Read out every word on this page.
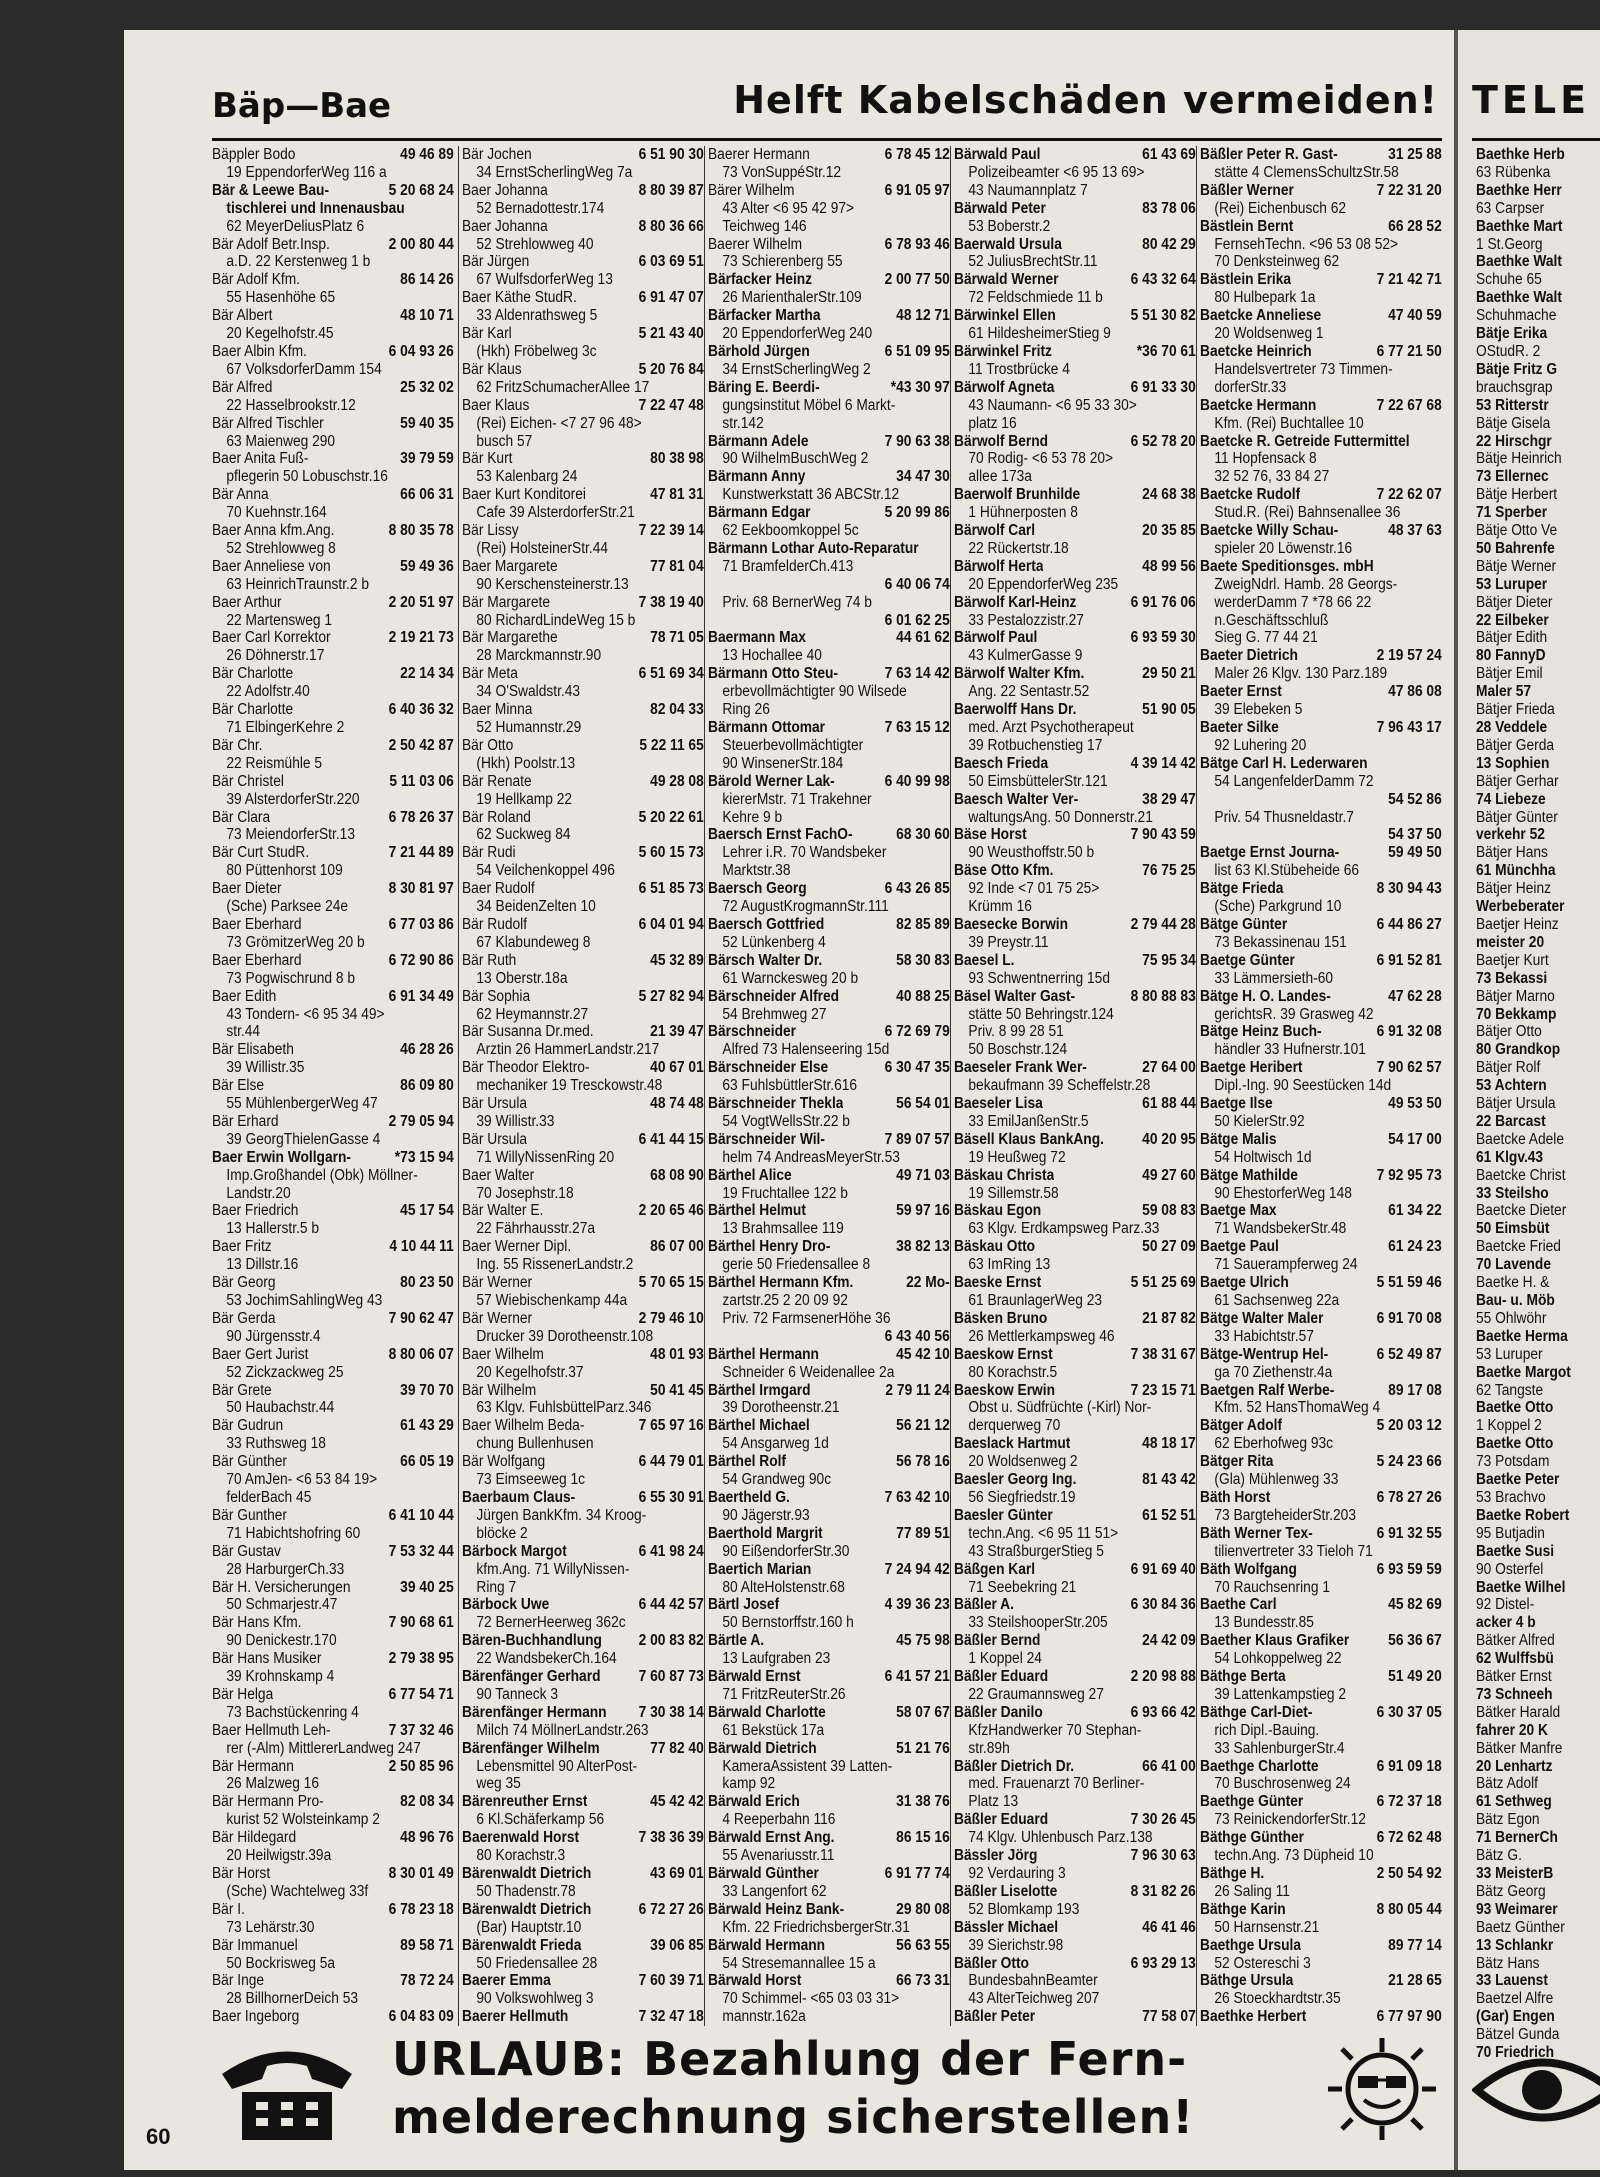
Bäp—Bae	Helft Kabelschäden vermeiden!
Bäppler Bodo	49 46 89
19 EppendorferWeg 116 a
Bär & Leewe Bau-	5 20 68 24
tischlerei und Innenausbau
62 MeyerDeliusPlatz 6
Bär Adolf Betr.Insp.	2 00 80 44
a.D. 22 Kerstenweg 1 b
Bär Adolf Kfm.	86 14 26
55 Hasenhöhe 65
Bär Albert	48 10 71
20 Kegelhofstr.45
Baer Albin Kfm.	6 04 93 26
67 VolksdorferDamm 154
Bär Alfred	25 32 02
22 Hasselbrookstr.12
Bär Alfred Tischler	59 40 35
63 Maienweg 290
Baer Anita Fuß-	39 79 59
pflegerin 50 Lobuschstr.16
Bär Anna	66 06 31
70 Kuehnstr.164
Baer Anna kfm.Ang.	8 80 35 78
52 Strehlowweg 8
Baer Anneliese von	59 49 36
63 HeinrichTraunstr.2 b
Baer Arthur	2 20 51 97
22 Martensweg 1
Baer Carl Korrektor	2 19 21 73
26 Döhnerstr.17
Bär Charlotte	22 14 34
22 Adolfstr.40
Bär Charlotte	6 40 36 32
71 ElbingerKehre 2
Bär Chr.	2 50 42 87
22 Reismühle 5
Bär Christel	5 11 03 06
39 AlsterdorferStr.220
Bär Clara	6 78 26 37
73 MeiendorferStr.13
Bär Curt StudR.	7 21 44 89
80 Püttenhorst 109
Baer Dieter	8 30 81 97
(Sche) Parksee 24e
Baer Eberhard	6 77 03 86
73 GrömitzerWeg 20 b
Baer Eberhard	6 72 90 86
73 Pogwischrund 8 b
Baer Edith	6 91 34 49
43 Tondern- <6 95 34 49>
str.44
Bär Elisabeth	46 28 26
39 Willistr.35
Bär Else	86 09 80
55 MühlenbergerWeg 47
Bär Erhard	2 79 05 94
39 GeorgThielenGasse 4
Baer Erwin Wollgarn-	*73 15 94
Imp.Großhandel (Obk) Möllner-
Landstr.20
Baer Friedrich	45 17 54
13 Hallerstr.5 b
Baer Fritz	4 10 44 11
13 Dillstr.16
Bär Georg	80 23 50
53 JochimSahlingWeg 43
Bär Gerda	7 90 62 47
90 Jürgensstr.4
Baer Gert Jurist	8 80 06 07
52 Zickzackweg 25
Bär Grete	39 70 70
50 Haubachstr.44
Bär Gudrun	61 43 29
33 Ruthsweg 18
Bär Günther	66 05 19
70 AmJen- <6 53 84 19>
felderBach 45
Bär Gunther	6 41 10 44
71 Habichtshofring 60
Bär Gustav	7 53 32 44
28 HarburgerCh.33
Bär H. Versicherungen	39 40 25
50 Schmarjestr.47
Bär Hans Kfm.	7 90 68 61
90 Denickestr.170
Bär Hans Musiker	2 79 38 95
39 Krohnskamp 4
Bär Helga	6 77 54 71
73 Bachstückenring 4
Baer Hellmuth Leh-	7 37 32 46
rer (-Alm) MittlererLandweg 247
Bär Hermann	2 50 85 96
26 Malzweg 16
Bär Hermann Pro-	82 08 34
kurist 52 Wolsteinkamp 2
Bär Hildegard	48 96 76
20 Heilwigstr.39a
Bär Horst	8 30 01 49
(Sche) Wachtelweg 33f
Bär I.	6 78 23 18
73 Lehärstr.30
Bär Immanuel	89 58 71
50 Bockrisweg 5a
Bär Inge	78 72 24
28 BillhornerDeich 53
Baer Ingeborg	6 04 83 09
Bär Jochen	6 51 90 30
34 ErnstScherlingWeg 7a
Baer Johanna	8 80 39 87
52 Bernadottestr.174
Baer Johanna	8 80 36 66
52 Strehlowweg 40
Bär Jürgen	6 03 69 51
67 WulfsdorferWeg 13
Baer Käthe StudR.	6 91 47 07
33 Aldenrathsweg 5
Bär Karl	5 21 43 40
(Hkh) Fröbelweg 3c
Bär Klaus	5 20 76 84
62 FritzSchumacherAllee 17
Baer Klaus	7 22 47 48
(Rei) Eichen- <7 27 96 48>
busch 57
Bär Kurt	80 38 98
53 Kalenbarg 24
Baer Kurt Konditorei	47 81 31
Cafe 39 AlsterdorferStr.21
Bär Lissy	7 22 39 14
(Rei) HolsteinerStr.44
Baer Margarete	77 81 04
90 Kerschensteinerstr.13
Bär Margarete	7 38 19 40
80 RichardLindeWeg 15 b
Bär Margarethe	78 71 05
28 Marckmannstr.90
Bär Meta	6 51 69 34
34 O'Swaldstr.43
Baer Minna	82 04 33
52 Humannstr.29
Bär Otto	5 22 11 65
(Hkh) Poolstr.13
Bär Renate	49 28 08
19 Hellkamp 22
Bär Roland	5 20 22 61
62 Suckweg 84
Bär Rudi	5 60 15 73
54 Veilchenkoppel 496
Baer Rudolf	6 51 85 73
34 BeidenZelten 10
Bär Rudolf	6 04 01 94
67 Klabundeweg 8
Bär Ruth	45 32 89
13 Oberstr.18a
Bär Sophia	5 27 82 94
62 Heymannstr.27
Bär Susanna Dr.med.	21 39 47
Arztin 26 HammerLandstr.217
Bär Theodor Elektro-	40 67 01
mechaniker 19 Tresckowstr.48
Bär Ursula	48 74 48
39 Willistr.33
Bär Ursula	6 41 44 15
71 WillyNissenRing 20
Baer Walter	68 08 90
70 Josephstr.18
Bär Walter E.	2 20 65 46
22 Fährhausstr.27a
Baer Werner Dipl.	86 07 00
Ing. 55 RissenerLandstr.2
Bär Werner	5 70 65 15
57 Wiebischenkamp 44a
Bär Werner	2 79 46 10
Drucker 39 Dorotheenstr.108
Baer Wilhelm	48 01 93
20 Kegelhofstr.37
Bär Wilhelm	50 41 45
63 Klgv. FuhlsbüttelParz.346
Baer Wilhelm Beda-	7 65 97 16
chung Bullenhusen
Bär Wolfgang	6 44 79 01
73 Eimseeweg 1c
Baerbaum Claus-	6 55 30 91
Jürgen BankKfm. 34 Kroog-
blöcke 2
Bärbock Margot	6 41 98 24
kfm.Ang. 71 WillyNissen-
Ring 7
Bärbock Uwe	6 44 42 57
72 BernerHeerweg 362c
Bären-Buchhandlung 2 00 83 82
22 WandsbekerCh.164
Bärenfänger Gerhard 7 60 87 73
90 Tanneck 3
Bärenfänger Hermann 7 30 38 14
Milch 74 MöllnerLandstr.263
Bärenfänger Wilhelm	77 82 40
Lebensmittel 90 AlterPost-
weg 35
Bärenreuther Ernst	45 42 42
6 Kl.Schäferkamp 56
Baerenwald Horst	7 38 36 39
80 Korachstr.3
Bärenwaldt Dietrich	43 69 01
50 Thadenstr.78
Bärenwaldt Dietrich	6 72 27 26
(Bar) Hauptstr.10
Bärenwaldt Frieda	39 06 85
50 Friedensallee 28
Baerer Emma	7 60 39 71
90 Volkswohlweg 3
Baerer Hellmuth	7 32 47 18
Baerer Hermann	6 78 45 12
73 VonSuppéStr.12
Bärer Wilhelm	6 91 05 97
43 Alter <6 95 42 97>
Teichweg 146
Baerer Wilhelm	6 78 93 46
73 Schierenberg 55
Bärfacker Heinz	2 00 77 50
26 MarienthalerStr.109
Bärfacker Martha	48 12 71
20 EppendorferWeg 240
Bärhold Jürgen	6 51 09 95
34 ErnstScherlingWeg 2
Bäring E. Beerdi-	*43 30 97
gungsinstitut Möbel 6 Markt-
str.142
Bärmann Adele	7 90 63 38
90 WilhelmBuschWeg 2
Bärmann Anny	34 47 30
Kunstwerkstatt 36 ABCStr.12
Bärmann Edgar	5 20 99 86
62 Eekboomkoppel 5c
Bärmann Lothar Auto-Reparatur
71 BramfelderCh.413
6 40 06 74
Priv. 68 BernerWeg 74 b
6 01 62 25
Baermann Max	44 61 62
13 Hochallee 40
Bärmann Otto Steu-	7 63 14 42
erbevollmächtigter 90 Wilsede
Ring 26
Bärmann Ottomar	7 63 15 12
Steuerbevollmächtigter
90 WinsenerStr.184
Bärold Werner Lak-	6 40 99 98
kiererMstr. 71 Trakehner
Kehre 9 b
Baersch Ernst FachO-	68 30 60
Lehrer i.R. 70 Wandsbeker
Marktstr.38
Baersch Georg	6 43 26 85
72 AugustKrogmannStr.111
Baersch Gottfried	82 85 89
52 Lünkenberg 4
Bärsch Walter Dr.	58 30 83
61 Warnckesweg 20 b
Bärschneider Alfred	40 88 25
54 Brehmweg 27
Bärschneider	6 72 69 79
Alfred 73 Halenseering 15d
Bärschneider Else	6 30 47 35
63 FuhlsbüttlerStr.616
Bärschneider Thekla	56 54 01
54 VogtWellsStr.22 b
Bärschneider Wil-	7 89 07 57
helm 74 AndreasMeyerStr.53
Bärthel Alice	49 71 03
19 Fruchtallee 122 b
Bärthel Helmut	59 97 16
13 Brahmsallee 119
Bärthel Henry Dro-	38 82 13
gerie 50 Friedensallee 8
Bärthel Hermann Kfm.	22 Mo-
zartstr.25 2 20 09 92
Priv. 72 FarmsenerHöhe 36
6 43 40 56
Bärthel Hermann	45 42 10
Schneider 6 Weidenallee 2a
Bärthel Irmgard	2 79 11 24
39 Dorotheenstr.21
Bärthel Michael	56 21 12
54 Ansgarweg 1d
Bärthel Rolf	56 78 16
54 Grandweg 90c
Baertheld G.	7 63 42 10
90 Jägerstr.93
Baerthold Margrit	77 89 51
90 EißendorferStr.30
Baertich Marian	7 24 94 42
80 AlteHolstenstr.68
Bärtl Josef	4 39 36 23
50 Bernstorffstr.160 h
Bärtle A.	45 75 98
13 Laufgraben 23
Bärwald Ernst	6 41 57 21
71 FritzReuterStr.26
Bärwald Charlotte	58 07 67
61 Bekstück 17a
Bärwald Dietrich	51 21 76
KameraAssistent 39 Latten-
kamp 92
Bärwald Erich	31 38 76
4 Reeperbahn 116
Bärwald Ernst Ang.	86 15 16
55 Avenariusstr.11
Bärwald Günther	6 91 77 74
33 Langenfort 62
Bärwald Heinz Bank-	29 80 08
Kfm. 22 FriedrichsbergerStr.31
Bärwald Hermann	56 63 55
54 Stresemannallee 15 a
Bärwald Horst	66 73 31
70 Schimmel- <65 03 03 31>
mannstr.162a
Bärwald Paul	61 43 69
Polizeibeamter <6 95 13 69>
43 Naumannplatz 7
Bärwald Peter	83 78 06
53 Boberstr.2
Baerwald Ursula	80 42 29
52 JuliusBrechtStr.11
Bärwald Werner	6 43 32 64
72 Feldschmiede 11 b
Bärwinkel Ellen	5 51 30 82
61 HildesheimerStieg 9
Bärwinkel Fritz	*36 70 61
11 Trostbrücke 4
Bärwolf Agneta	6 91 33 30
43 Naumann- <6 95 33 30>
platz 16
Bärwolf Bernd	6 52 78 20
70 Rodig- <6 53 78 20>
allee 173a
Baerwolf Brunhilde	24 68 38
1 Hühnerposten 8
Bärwolf Carl	20 35 85
22 Rückertstr.18
Bärwolf Herta	48 99 56
20 EppendorferWeg 235
Bärwolf Karl-Heinz	6 91 76 06
33 Pestalozzistr.27
Bärwolf Paul	6 93 59 30
43 KulmerGasse 9
Bärwolf Walter Kfm.	29 50 21
Ang. 22 Sentastr.52
Baerwolff Hans Dr.	51 90 05
med. Arzt Psychotherapeut
39 Rotbuchenstieg 17
Baesch Frieda	4 39 14 42
50 EimsbüttelerStr.121
Baesch Walter Ver-	38 29 47
waltungsAng. 50 Donnerstr.21
Bäse Horst	7 90 43 59
90 Weusthoffstr.50 b
Bäse Otto Kfm.	76 75 25
92 Inde <7 01 75 25>
Krümm 16
Baesecke Borwin	2 79 44 28
39 Preystr.11
Baesel L.	75 95 34
93 Schwentnerring 15d
Bäsel Walter Gast-	8 80 88 83
stätte 50 Behringstr.124
Priv. 8 99 28 51
50 Boschstr.124
Baeseler Frank Wer-	27 64 00
bekaufmann 39 Scheffelstr.28
Baeseler Lisa	61 88 44
33 EmilJanßenStr.5
Bäsell Klaus BankAng. 40 20 95
19 Heußweg 72
Bäskau Christa	49 27 60
19 Sillemstr.58
Bäskau Egon	59 08 83
63 Klgv. Erdkampsweg Parz.33
Bäskau Otto	50 27 09
63 ImRing 13
Baeske Ernst	5 51 25 69
61 BraunlagerWeg 23
Bäsken Bruno	21 87 82
26 Mettlerkampsweg 46
Baeskow Ernst	7 38 31 67
80 Korachstr.5
Baeskow Erwin	7 23 15 71
Obst u. Südfrüchte (-Kirl) Nor-
derquerweg 70
Baeslack Hartmut	48 18 17
20 Woldsenweg 2
Baesler Georg Ing.	81 43 42
56 Siegfriedstr.19
Baesler Günter	61 52 51
techn.Ang. <6 95 11 51>
43 StraßburgerStieg 5
Bäßgen Karl	6 91 69 40
71 Seebekring 21
Bäßler A.	6 30 84 36
33 SteilshooperStr.205
Bäßler Bernd	24 42 09
1 Koppel 24
Bäßler Eduard	2 20 98 88
22 Graumannsweg 27
Bäßler Danilo	6 93 66 42
KfzHandwerker 70 Stephan-
str.89h
Bäßler Dietrich Dr.	66 41 00
med. Frauenarzt 70 Berliner-
Platz 13
Bäßler Eduard	7 30 26 45
74 Klgv. Uhlenbusch Parz.138
Bässler Jörg	7 96 30 63
92 Verdauring 3
Bäßler Liselotte	8 31 82 26
52 Blomkamp 193
Bässler Michael	46 41 46
39 Sierichstr.98
Bäßler Otto	6 93 29 13
BundesbahnBeamter
43 AlterTeichweg 207
Bäßler Peter	77 58 07
Bäßler Peter R. Gast-	31 25 88
stätte 4 ClemensSchultzStr.58
Bäßler Werner	7 22 31 20
(Rei) Eichenbusch 62
Bästlein Bernt	66 28 52
FernsehTechn. <96 53 08 52>
70 Denksteinweg 62
Bästlein Erika	7 21 42 71
80 Hulbepark 1a
Baetcke Anneliese	47 40 59
20 Woldsenweg 1
Baetcke Heinrich	6 77 21 50
Handelsvertreter 73 Timmen-
dorferStr.33
Baetcke Hermann	7 22 67 68
Kfm. (Rei) Buchtallee 10
Baetcke R. Getreide Futtermittel
11 Hopfensack 8
32 52 76, 33 84 27
Baetcke Rudolf	7 22 62 07
Stud.R. (Rei) Bahnsenallee 36
Baetcke Willy Schau-	48 37 63
spieler 20 Löwenstr.16
Baete Speditionsges. mbH
ZweigNdrl. Hamb. 28 Georgs-
werderDamm 7 *78 66 22
n.Geschäftsschluß
Sieg G. 77 44 21
Baeter Dietrich	2 19 57 24
Maler 26 Klgv. 130 Parz.189
Baeter Ernst	47 86 08
39 Elebeken 5
Baeter Silke	7 96 43 17
92 Luhering 20
Bätge Carl H. Lederwaren
54 LangenfelderDamm 72
54 52 86
Priv. 54 Thusneldastr.7
54 37 50
Baetge Ernst Journa-	59 49 50
list 63 Kl.Stübeheide 66
Bätge Frieda	8 30 94 43
(Sche) Parkgrund 10
Bätge Günter	6 44 86 27
73 Bekassinenau 151
Baetge Günter	6 91 52 81
33 Lämmersieth-60
Bätge H. O. Landes-	47 62 28
gerichtsR. 39 Grasweg 42
Bätge Heinz Buch-	6 91 32 08
händler 33 Hufnerstr.101
Baetge Heribert	7 90 62 57
Dipl.-Ing. 90 Seestücken 14d
Baetge Ilse	49 53 50
50 KielerStr.92
Bätge Malis	54 17 00
54 Holtwisch 1d
Bätge Mathilde	7 92 95 73
90 EhestorferWeg 148
Baetge Max	61 34 22
71 WandsbekerStr.48
Baetge Paul	61 24 23
71 Sauerampferweg 24
Baetge Ulrich	5 51 59 46
61 Sachsenweg 22a
Bätge Walter Maler	6 91 70 08
33 Habichtstr.57
Bätge-Wentrup Hel-	6 52 49 87
ga 70 Ziethenstr.4a
Baetgen Ralf Werbe-	89 17 08
Kfm. 52 HansThomaWeg 4
Bätger Adolf	5 20 03 12
62 Eberhofweg 93c
Bätger Rita	5 24 23 66
(Gla) Mühlenweg 33
Bäth Horst	6 78 27 26
73 BargteheiderStr.203
Bäth Werner Tex-	6 91 32 55
tilienvertreter 33 Tieloh 71
Bäth Wolfgang	6 93 59 59
70 Rauchsenring 1
Baethe Carl	45 82 69
13 Bundesstr.85
Baether Klaus Grafiker	56 36 67
54 Lohkoppelweg 22
Bäthge Berta	51 49 20
39 Lattenkampstieg 2
Bäthge Carl-Diet-	6 30 37 05
rich Dipl.-Bauing.
33 SahlenburgerStr.4
Baethge Charlotte	6 91 09 18
70 Buschrosenweg 24
Baethge Günter	6 72 37 18
73 ReinickendorferStr.12
Bäthge Günther	6 72 62 48
techn.Ang. 73 Düpheid 10
Bäthge H.	2 50 54 92
26 Saling 11
Bäthge Karin	8 80 05 44
50 Harnsenstr.21
Baethge Ursula	89 77 14
52 Ostereschi 3
Bäthge Ursula	21 28 65
26 Stoeckhardtstr.35
Baethke Herbert	6 77 97 90
URLAUB: Bezahlung der Fern-
melderechnung sicherstellen!
60
TELE
Baethke Herb
63 Rübenka
Baethke Herr
63 Carpser
Baethke Mart
1 St.Georg
Baethke Walt
Schuhe 65
Baethke Walt
Schuhmache
Bätje Erika
OStudR. 2
Bätje Fritz G
brauchsgrap
53 Ritterstr
Bätje Gisela
22 Hirschgr
Bätje Heinrich
73 Ellernec
Bätje Herbert
71 Sperber
Bätje Otto Ve
50 Bahrenfe
Bätje Werner
53 Luruper
Bätjer Dieter
22 Eilbeker
Bätjer Edith
80 FannyD
Bätjer Emil
Maler 57
Bätjer Frieda
28 Veddele
Bätjer Gerda
13 Sophien
Bätjer Gerhar
74 Liebeze
Bätjer Günter
verkehr 52
Bätjer Hans
61 Münchha
Bätjer Heinz
Werbeberater
Baetjer Heinz
meister 20
Baetjer Kurt
73 Bekassi
Bätjer Marno
70 Bekkamp
Bätjer Otto
80 Grandkop
Bätjer Rolf
53 Achtern
Bätjer Ursula
22 Barcast
Baetcke Adele
61 Klgv.43
Baetcke Christ
33 Steilsho
Baetcke Dieter
50 Eimsbüt
Baetcke Fried
70 Lavende
Baetke H. &
Bau- u. Möb
55 Ohlwöhr
Baetke Herma
53 Luruper
Baetke Margot
62 Tangste
Baetke Otto
1 Koppel 2
Baetke Otto
73 Potsdam
Baetke Peter
53 Brachvo
Baetke Robert
95 Butjadin
Baetke Susi
90 Osterfel
Baetke Wilhel
92 Distel-
acker 4 b
Bätker Alfred
62 Wulffsbü
Bätker Ernst
73 Schneeh
Bätker Harald
fahrer 20 K
Bätker Manfre
20 Lenhartz
Bätz Adolf
61 Sethweg
Bätz Egon
71 BernerCh
Bätz G.
33 MeisterB
Bätz Georg
93 Weimarer
Baetz Günther
13 Schlankr
Bätz Hans
33 Lauenst
Baetzel Alfre
(Gar) Engen
Bätzel Gunda
70 Friedrich
